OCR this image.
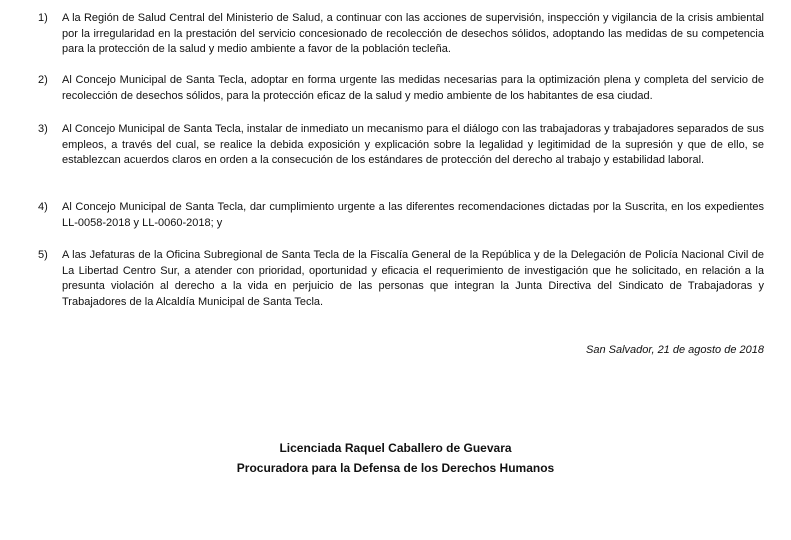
1)	A la Región de Salud Central del Ministerio de Salud, a continuar con las acciones de supervisión, inspección y vigilancia de la crisis ambiental por la irregularidad en la prestación del servicio concesionado de recolección de desechos sólidos, adoptando las medidas de su competencia para la protección de la salud y medio ambiente a favor de la población tecleña.
2)	Al Concejo Municipal de Santa Tecla, adoptar en forma urgente las medidas necesarias para la optimización plena y completa del servicio de recolección de desechos sólidos, para la protección eficaz de la salud y medio ambiente de los habitantes de esa ciudad.
3)	Al Concejo Municipal de Santa Tecla, instalar de inmediato un mecanismo para el diálogo con las trabajadoras y trabajadores separados de sus empleos, a través del cual, se realice la debida exposición y explicación sobre la legalidad y legitimidad de la supresión y que de ello, se establezcan acuerdos claros en orden a la consecución de los estándares de protección del derecho al trabajo y estabilidad laboral.
4)	Al Concejo Municipal de Santa Tecla, dar cumplimiento urgente a las diferentes recomendaciones dictadas por la Suscrita, en los expedientes LL-0058-2018 y LL-0060-2018; y
5)	A las Jefaturas de la Oficina Subregional de Santa Tecla de la Fiscalía General de la República y de la Delegación de Policía Nacional Civil de La Libertad Centro Sur, a atender con prioridad, oportunidad y eficacia el requerimiento de investigación que he solicitado, en relación a la presunta violación al derecho a la vida en perjuicio de las personas que integran la Junta Directiva del Sindicato de Trabajadoras y Trabajadores de la Alcaldía Municipal de Santa Tecla.
San Salvador, 21 de agosto de 2018
Licenciada Raquel Caballero de Guevara
Procuradora para la Defensa de los Derechos Humanos
